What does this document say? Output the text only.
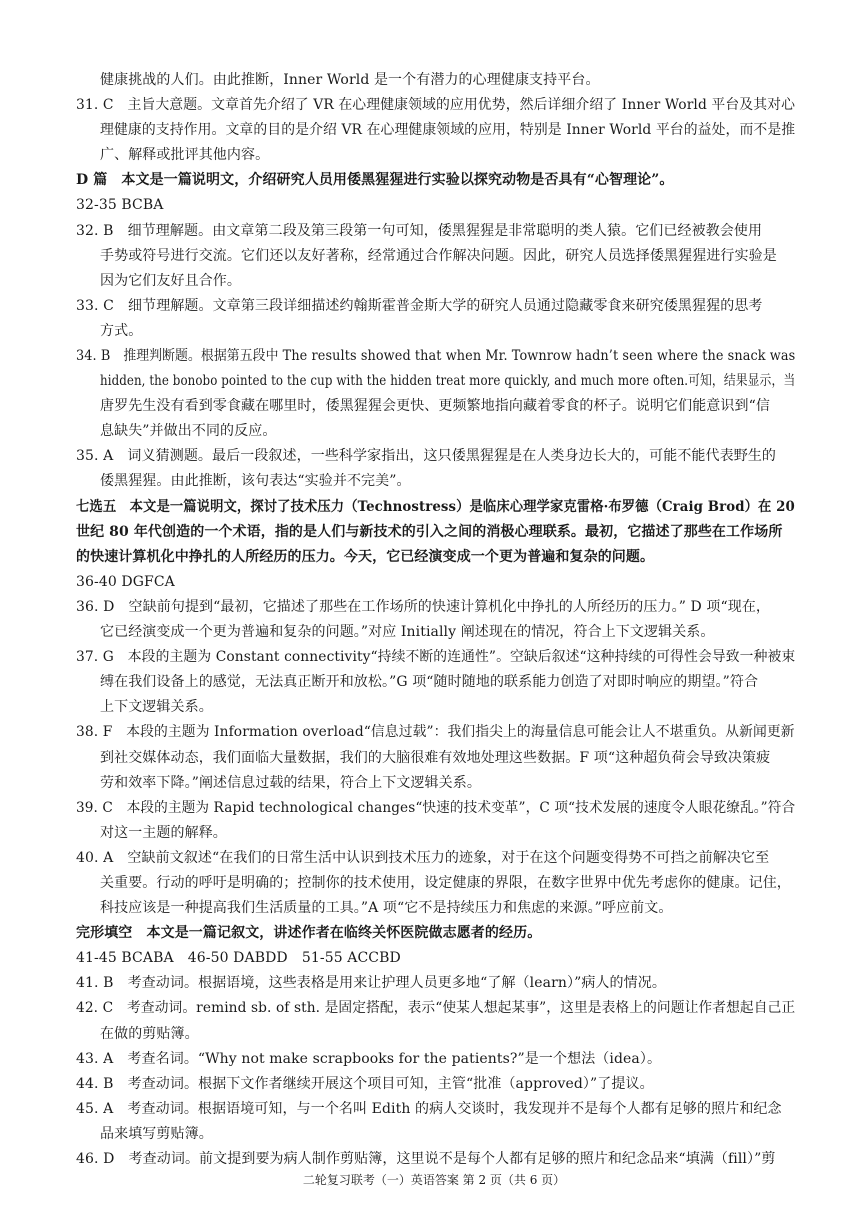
健康挑战的人们。由此推断，Inner World 是一个有潜力的心理健康支持平台。
31. C　主旨大意题。文章首先介绍了 VR 在心理健康领域的应用优势，然后详细介绍了 Inner World 平台及其对心
理健康的支持作用。文章的目的是介绍 VR 在心理健康领域的应用，特别是 Inner World 平台的益处，而不是推
广、解释或批评其他内容。
D 篇　本文是一篇说明文，介绍研究人员用倭黑猩猩进行实验以探究动物是否具有“心智理论”。
32-35 BCBA
32. B　细节理解题。由文章第二段及第三段第一句可知，倭黑猩猩是非常聪明的类人猿。它们已经被教会使用
手势或符号进行交流。它们还以友好著称，经常通过合作解决问题。因此，研究人员选择倭黑猩猩进行实验是
因为它们友好且合作。
33. C　细节理解题。文章第三段详细描述约翰斯霍普金斯大学的研究人员通过隐藏零食来研究倭黑猩猩的思考
方式。
34. B　推理判断题。根据第五段中 The results showed that when Mr. Townrow hadn’t seen where the snack was
hidden, the bonobo pointed to the cup with the hidden treat more quickly, and much more often.可知，结果显示，当
唐罗先生没有看到零食藏在哪里时，倭黑猩猩会更快、更频繁地指向藏着零食的杯子。说明它们能意识到“信
息缺失”并做出不同的反应。
35. A　词义猜测题。最后一段叙述，一些科学家指出，这只倭黑猩猩是在人类身边长大的，可能不能代表野生的
倭黑猩猩。由此推断，该句表达“实验并不完美”。
七选五　本文是一篇说明文，探讨了技术压力（Technostress）是临床心理学家克雷格·布罗德（Craig Brod）在 20
世纪 80 年代创造的一个术语，指的是人们与新技术的引入之间的消极心理联系。最初，它描述了那些在工作场所
的快速计算机化中挣扎的人所经历的压力。今天，它已经演变成一个更为普遍和复杂的问题。
36-40 DGFCA
36. D　空缺前句提到“最初，它描述了那些在工作场所的快速计算机化中挣扎的人所经历的压力。” D 项“现在，
它已经演变成一个更为普遍和复杂的问题。”对应 Initially 阐述现在的情况，符合上下文逻辑关系。
37. G　本段的主题为 Constant connectivity“持续不断的连通性”。空缺后叙述“这种持续的可得性会导致一种被束
缚在我们设备上的感觉，无法真正断开和放松。”G 项“随时随地的联系能力创造了对即时响应的期望。”符合
上下文逻辑关系。
38. F　本段的主题为 Information overload“信息过载”：我们指尖上的海量信息可能会让人不堪重负。从新闻更新
到社交媒体动态，我们面临大量数据，我们的大脑很难有效地处理这些数据。F 项“这种超负荷会导致决策疲
劳和效率下降。”阐述信息过载的结果，符合上下文逻辑关系。
39. C　本段的主题为 Rapid technological changes“快速的技术变革”，C 项“技术发展的速度令人眼花缭乱。”符合
对这一主题的解释。
40. A　空缺前文叙述“在我们的日常生活中认识到技术压力的迹象，对于在这个问题变得势不可挡之前解决它至
关重要。行动的呼吁是明确的；控制你的技术使用，设定健康的界限，在数字世界中优先考虑你的健康。记住，
科技应该是一种提高我们生活质量的工具。”A 项“它不是持续压力和焦虑的来源。”呼应前文。
完形填空　本文是一篇记叙文，讲述作者在临终关怀医院做志愿者的经历。
41-45 BCABA　46-50 DABDD　51-55 ACCBD
41. B　考查动词。根据语境，这些表格是用来让护理人员更多地“了解（learn）”病人的情况。
42. C　考查动词。remind sb. of sth. 是固定搭配，表示“使某人想起某事”，这里是表格上的问题让作者想起自己正
在做的剪贴簿。
43. A　考查名词。“Why not make scrapbooks for the patients?”是一个想法（idea）。
44. B　考查动词。根据下文作者继续开展这个项目可知，主管“批准（approved）”了提议。
45. A　考查动词。根据语境可知，与一个名叫 Edith 的病人交谈时，我发现并不是每个人都有足够的照片和纪念
品来填写剪贴簿。
46. D　考查动词。前文提到要为病人制作剪贴簿，这里说不是每个人都有足够的照片和纪念品来“填满（fill）”剪
二轮复习联考（一）英语答案 第 2 页（共 6 页）
